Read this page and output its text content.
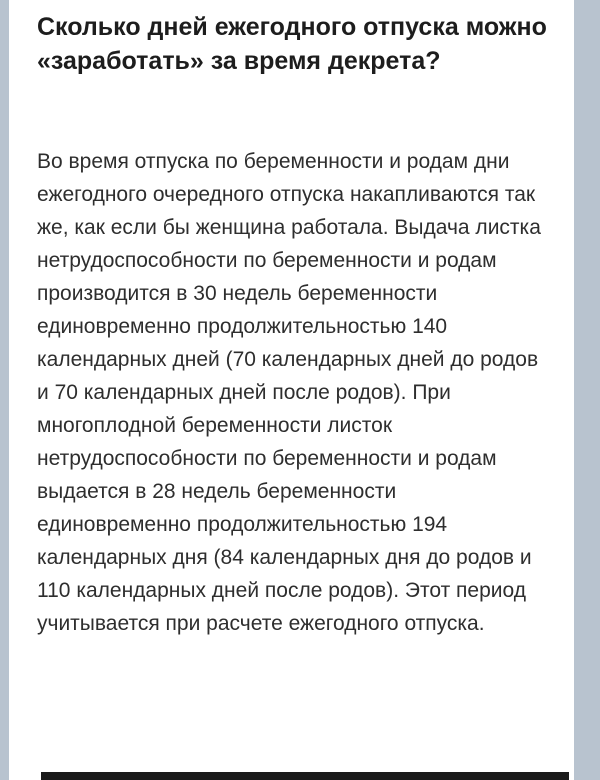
Сколько дней ежегодного отпуска можно «заработать» за время декрета?

Во время отпуска по беременности и родам дни ежегодного очередного отпуска накапливаются так же, как если бы женщина работала. Выдача листка нетрудоспособности по беременности и родам производится в 30 недель беременности единовременно продолжительностью 140 календарных дней (70 календарных дней до родов и 70 календарных дней после родов). При многоплодной беременности листок нетрудоспособности по беременности и родам выдается в 28 недель беременности единовременно продолжительностью 194 календарных дня (84 календарных дня до родов и 110 календарных дней после родов). Этот период учитывается при расчете ежегодного отпуска.
